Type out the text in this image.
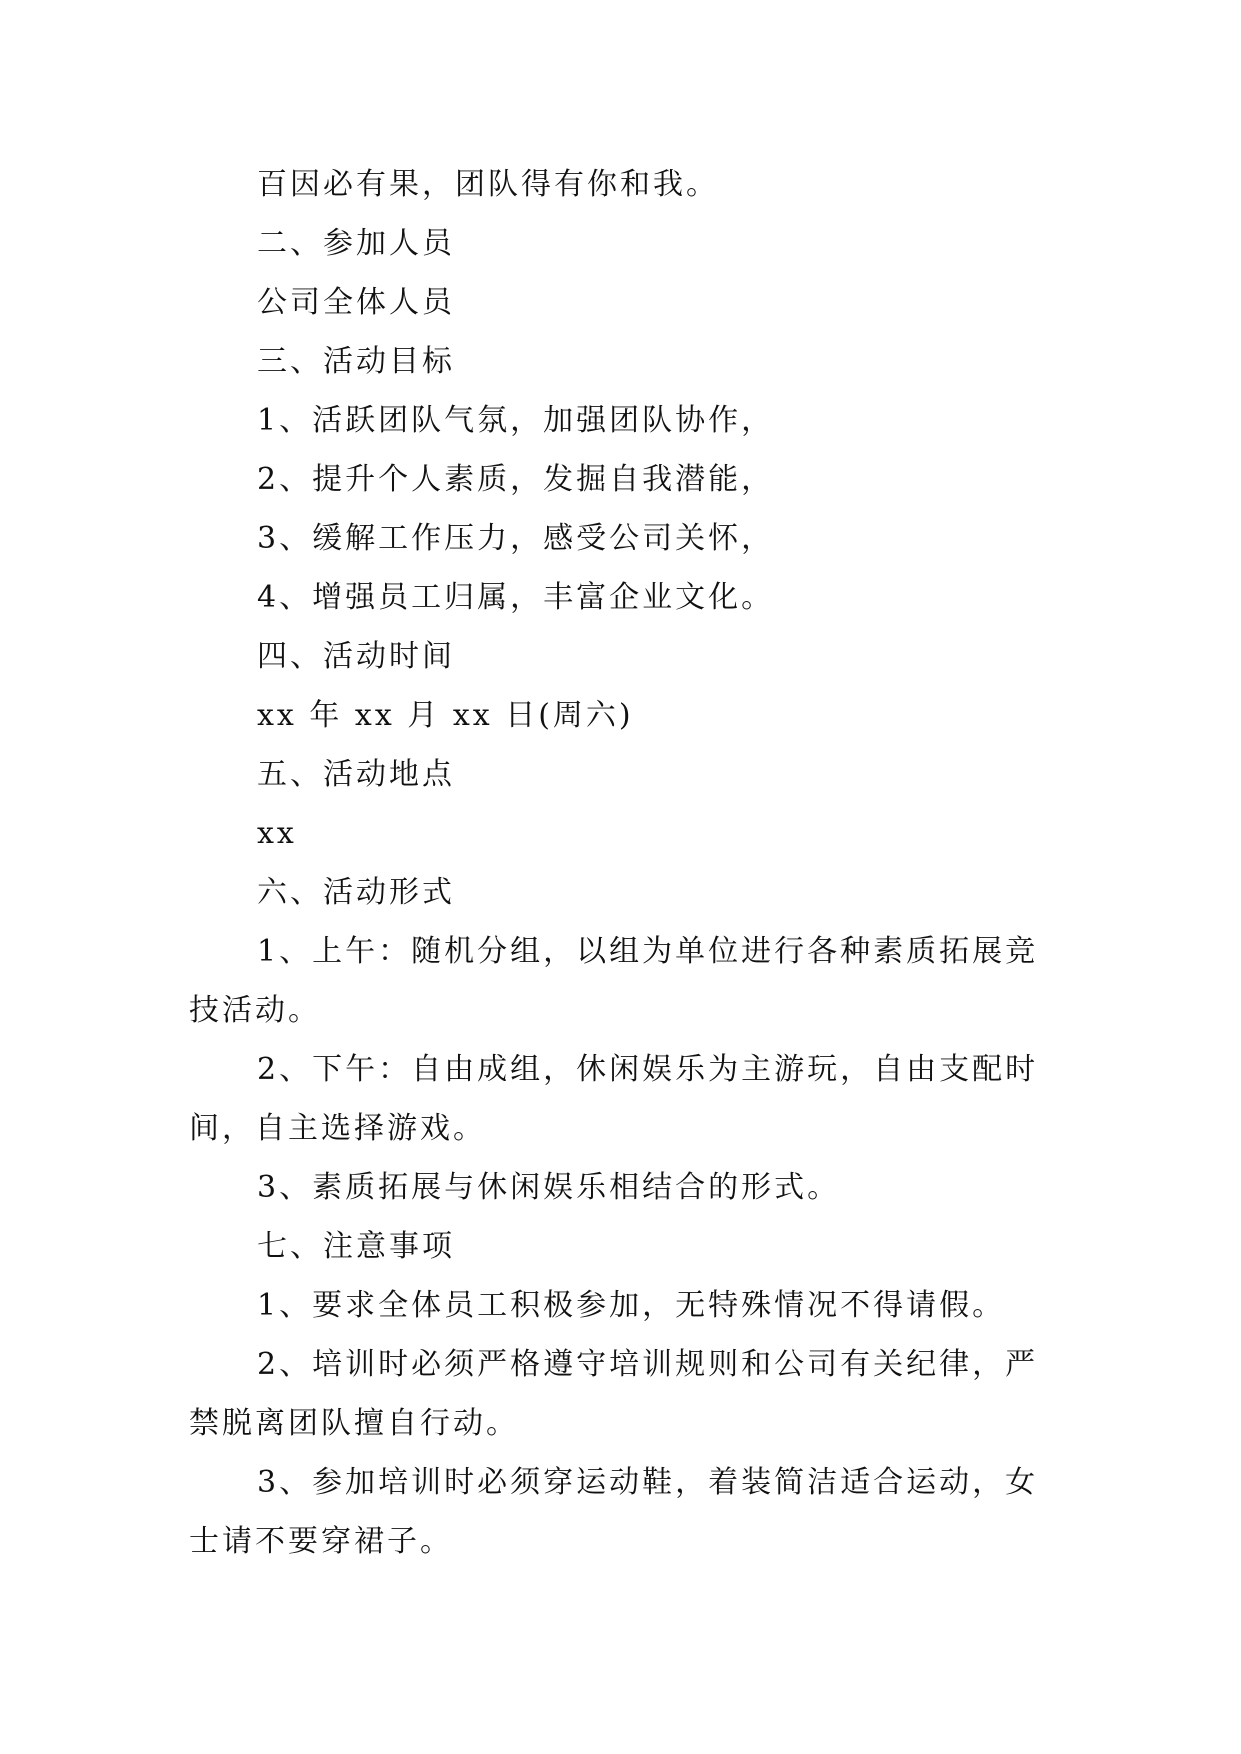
百因必有果，团队得有你和我。
二、参加人员
公司全体人员
三、活动目标
1、活跃团队气氛，加强团队协作，
2、提升个人素质，发掘自我潜能，
3、缓解工作压力，感受公司关怀，
4、增强员工归属，丰富企业文化。
四、活动时间
xx 年 xx 月 xx 日(周六)
五、活动地点
xx
六、活动形式
1、上午：随机分组，以组为单位进行各种素质拓展竞
技活动。
2、下午：自由成组，休闲娱乐为主游玩，自由支配时
间，自主选择游戏。
3、素质拓展与休闲娱乐相结合的形式。
七、注意事项
1、要求全体员工积极参加，无特殊情况不得请假。
2、培训时必须严格遵守培训规则和公司有关纪律，严
禁脱离团队擅自行动。
3、参加培训时必须穿运动鞋，着装简洁适合运动，女
士请不要穿裙子。
